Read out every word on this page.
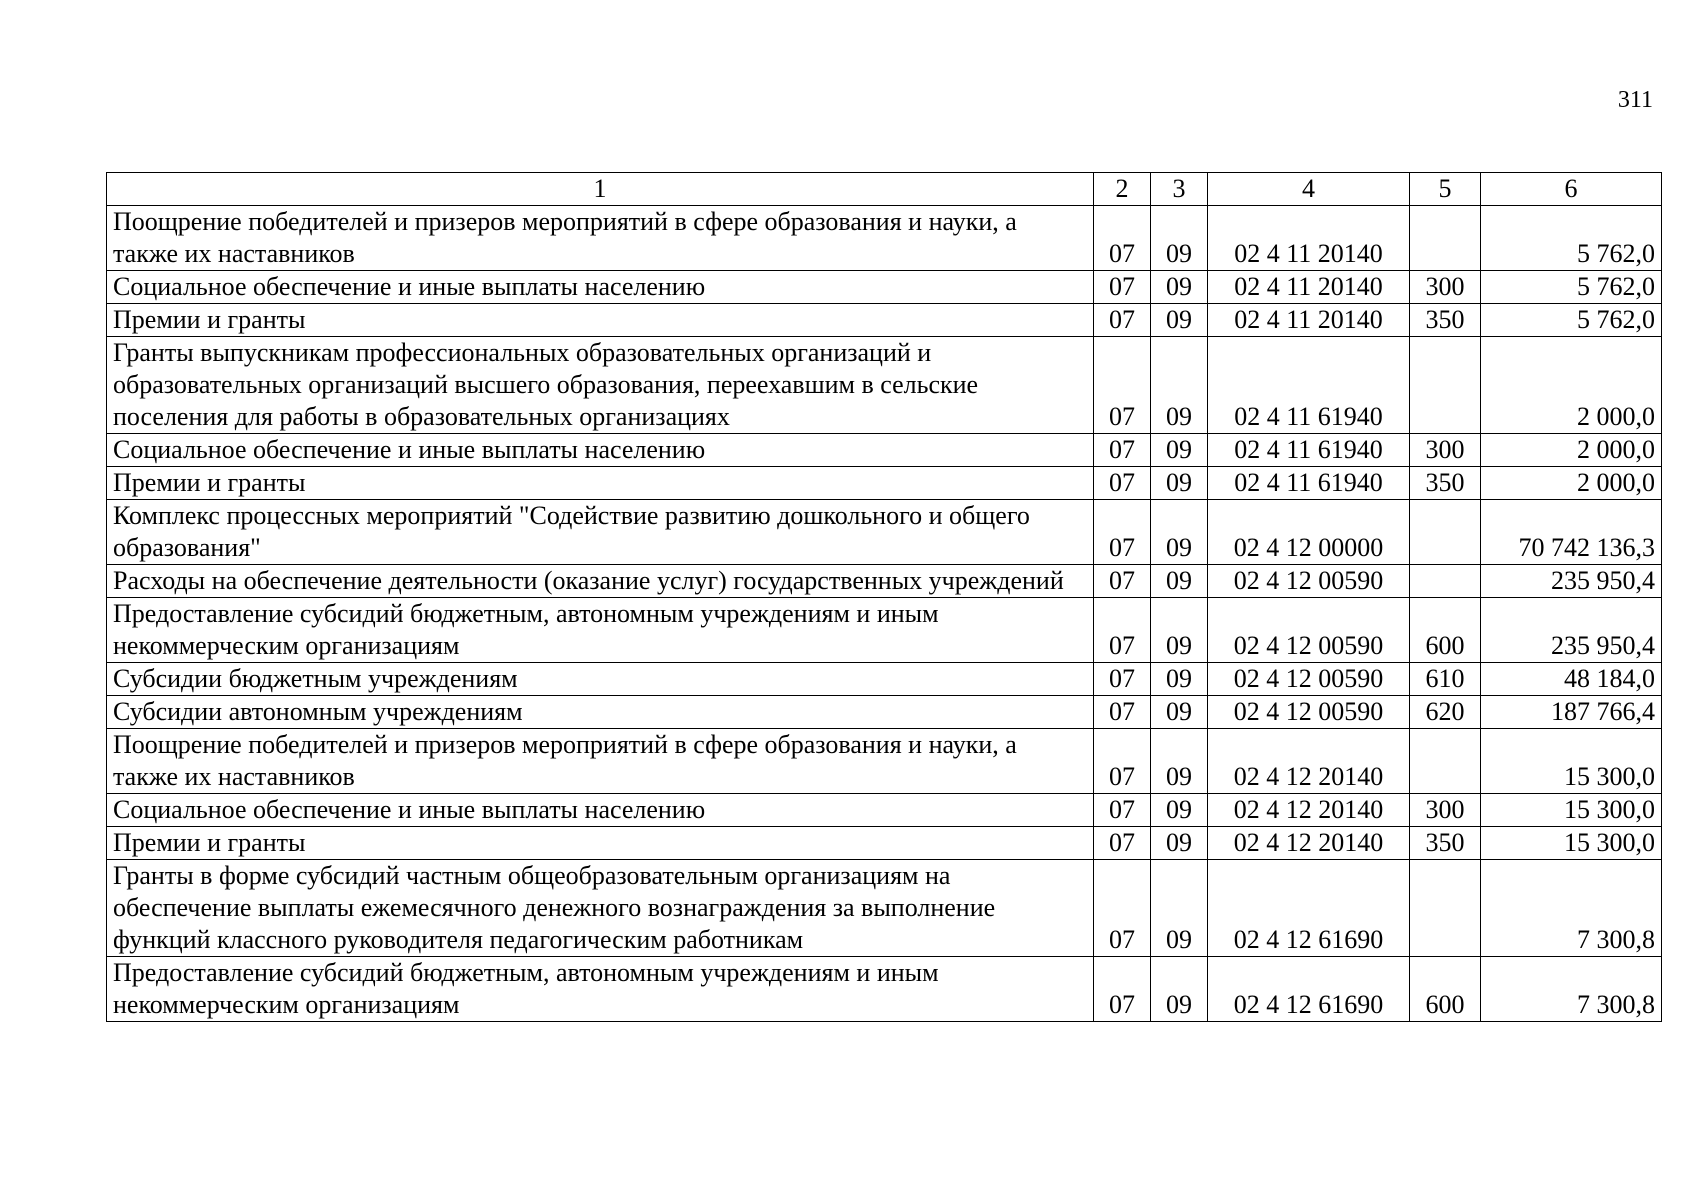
311
1	2	3	4	5	6
Поощрение победителей и призеров мероприятий в сфере образования и науки, а также их наставников	07	09	02 4 11 20140		5 762,0
Социальное обеспечение и иные выплаты населению	07	09	02 4 11 20140	300	5 762,0
Премии и гранты	07	09	02 4 11 20140	350	5 762,0
Гранты выпускникам профессиональных образовательных организаций и образовательных организаций высшего образования, переехавшим в сельские поселения для работы в образовательных организациях	07	09	02 4 11 61940		2 000,0
Социальное обеспечение и иные выплаты населению	07	09	02 4 11 61940	300	2 000,0
Премии и гранты	07	09	02 4 11 61940	350	2 000,0
Комплекс процессных мероприятий "Содействие развитию дошкольного и общего образования"	07	09	02 4 12 00000		70 742 136,3
Расходы на обеспечение деятельности (оказание услуг) государственных учреждений	07	09	02 4 12 00590		235 950,4
Предоставление субсидий бюджетным, автономным учреждениям и иным некоммерческим организациям	07	09	02 4 12 00590	600	235 950,4
Субсидии бюджетным учреждениям	07	09	02 4 12 00590	610	48 184,0
Субсидии автономным учреждениям	07	09	02 4 12 00590	620	187 766,4
Поощрение победителей и призеров мероприятий в сфере образования и науки, а также их наставников	07	09	02 4 12 20140		15 300,0
Социальное обеспечение и иные выплаты населению	07	09	02 4 12 20140	300	15 300,0
Премии и гранты	07	09	02 4 12 20140	350	15 300,0
Гранты в форме субсидий частным общеобразовательным организациям на обеспечение выплаты ежемесячного денежного вознаграждения за выполнение функций классного руководителя педагогическим работникам	07	09	02 4 12 61690		7 300,8
Предоставление субсидий бюджетным, автономным учреждениям и иным некоммерческим организациям	07	09	02 4 12 61690	600	7 300,8
